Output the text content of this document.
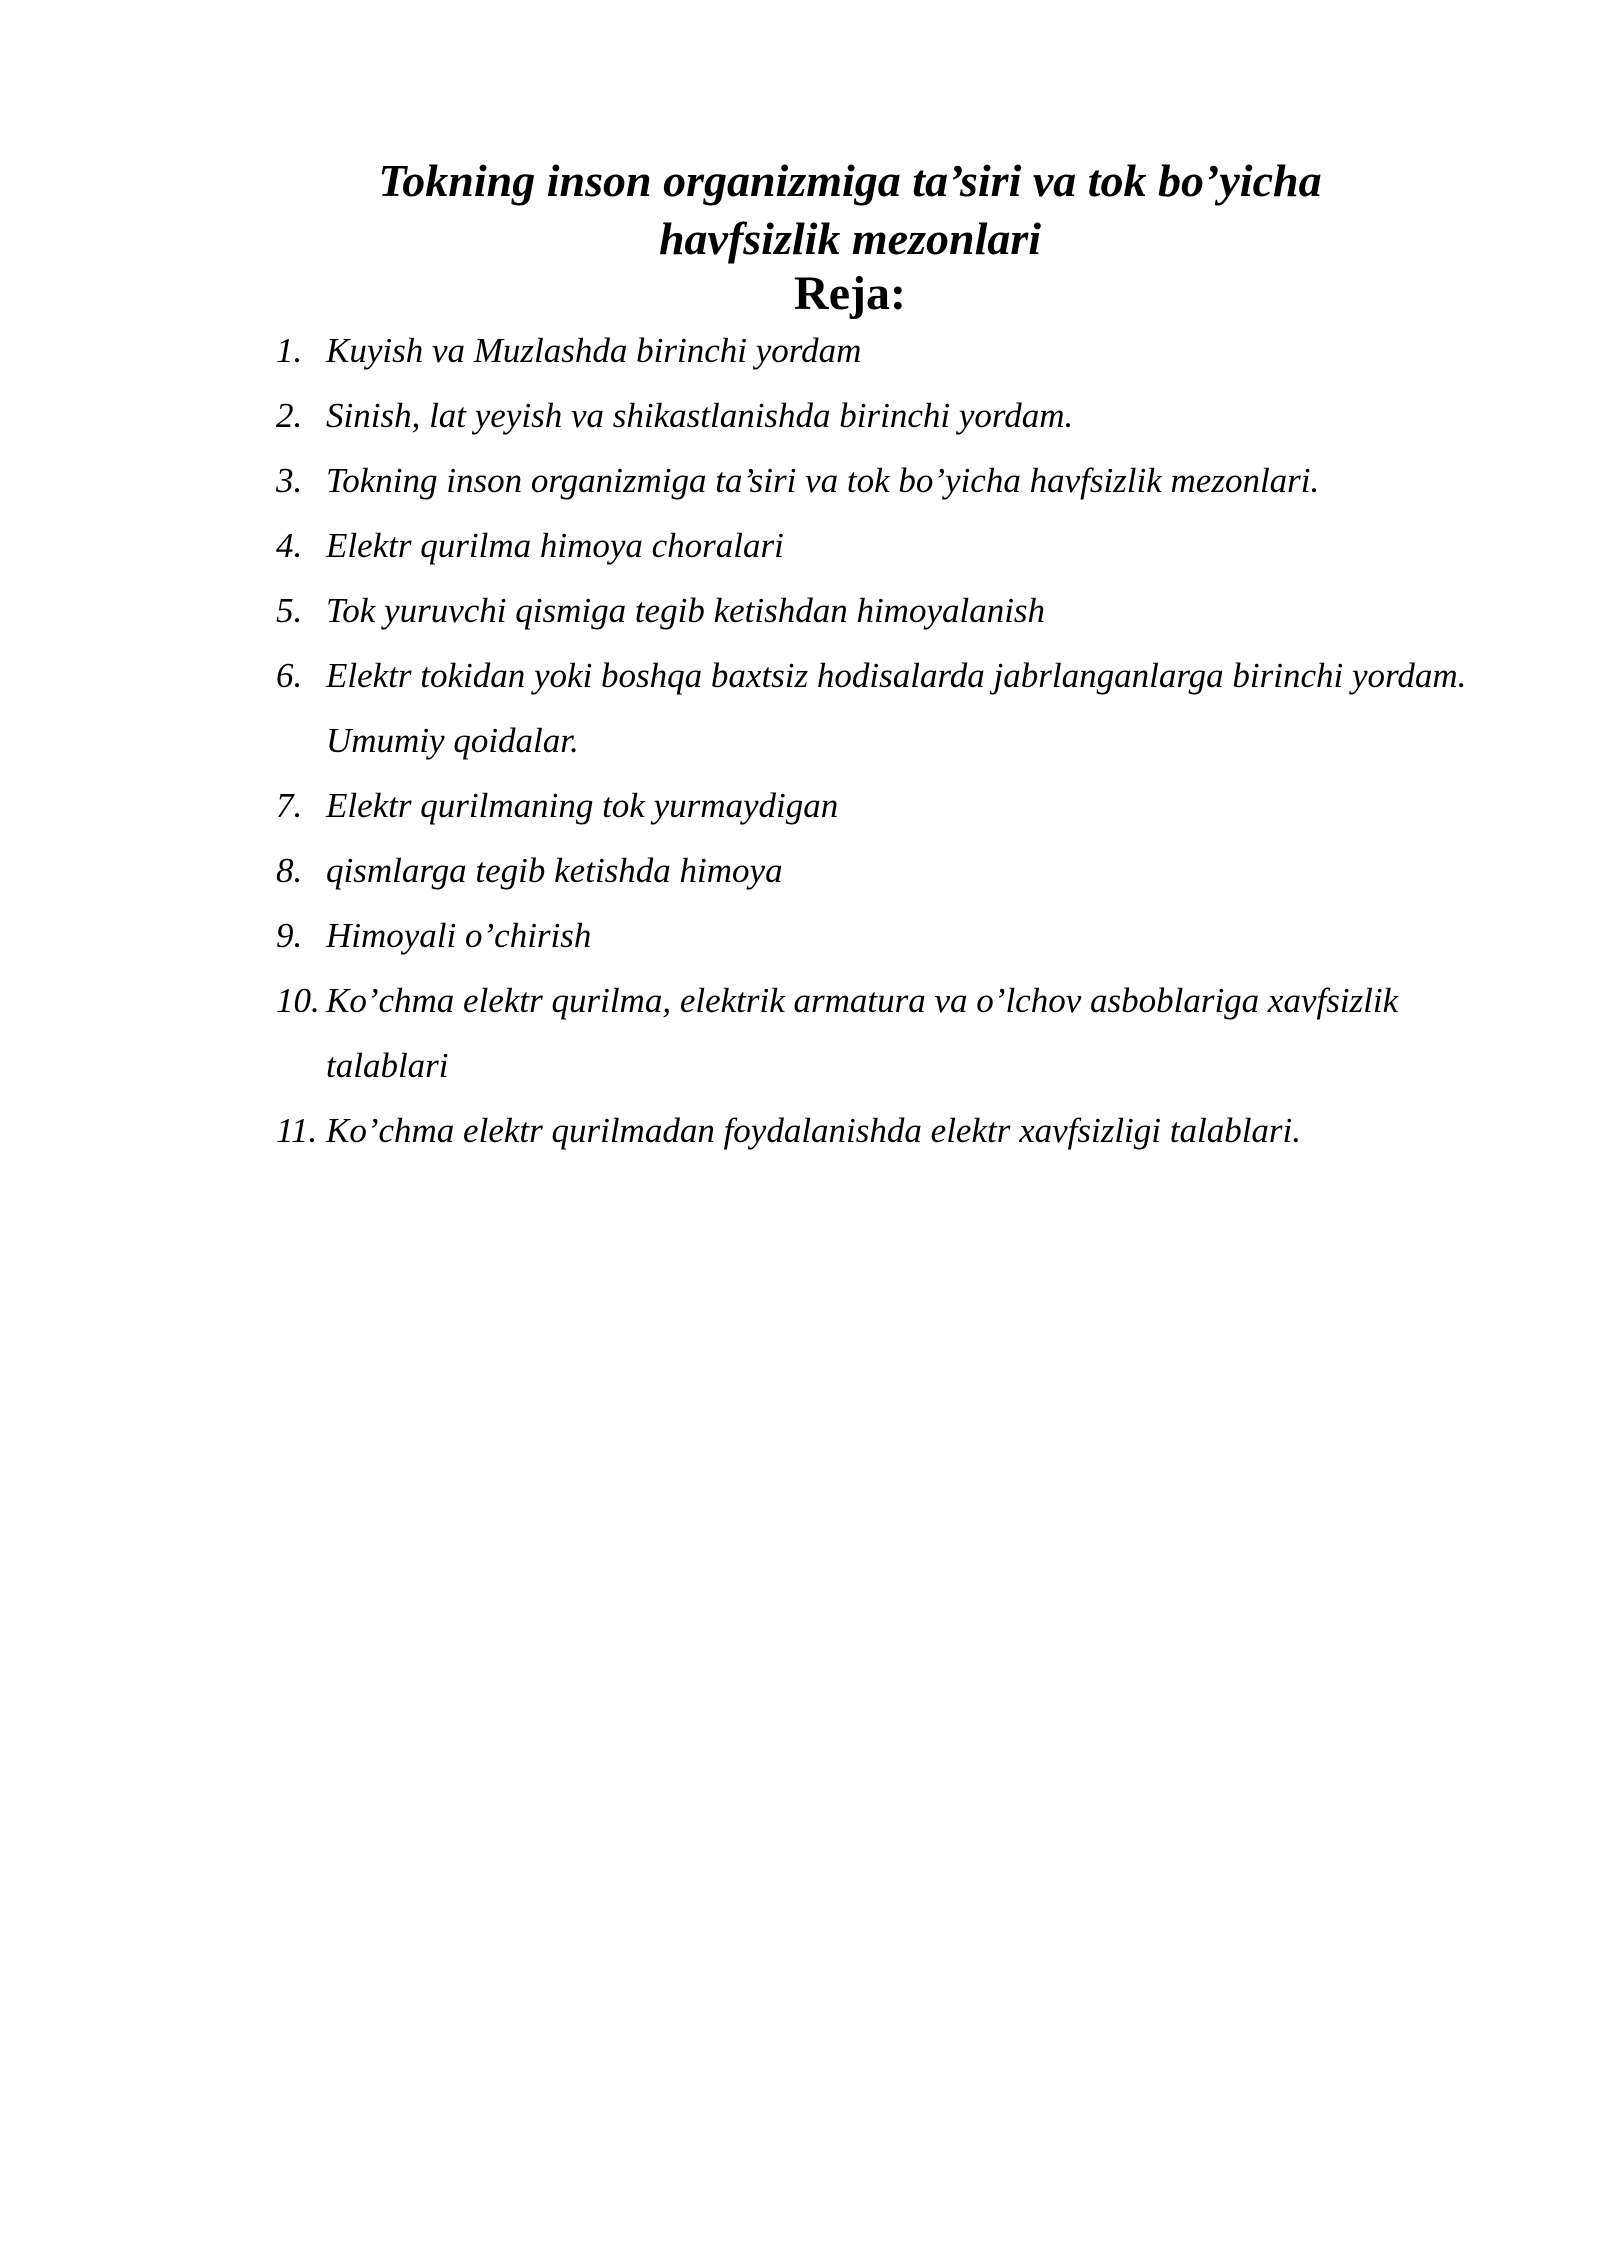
Tokning inson organizmiga ta’siri va tok bo’yicha
havfsizlik mezonlari
Reja:
1. Kuyish va Muzlashda birinchi yordam
2. Sinish, lat yeyish va shikastlanishda birinchi yordam.
3. Tokning inson organizmiga ta’siri va tok bo’yicha havfsizlik mezonlari.
4. Elektr qurilma himoya choralari
5. Tok yuruvchi qismiga tegib ketishdan himoyalanish
6. Elektr tokidan yoki boshqa baxtsiz hodisalarda jabrlanganlarga birinchi yordam. Umumiy qoidalar.
7. Elektr qurilmaning tok yurmaydigan
8. qismlarga tegib ketishda himoya
9. Himoyali o’chirish
10. Ko’chma elektr qurilma, elektrik armatura va o’lchov asboblariga xavfsizlik talablari
11. Ko’chma elektr qurilmadan foydalanishda elektr xavfsizligi talablari.
